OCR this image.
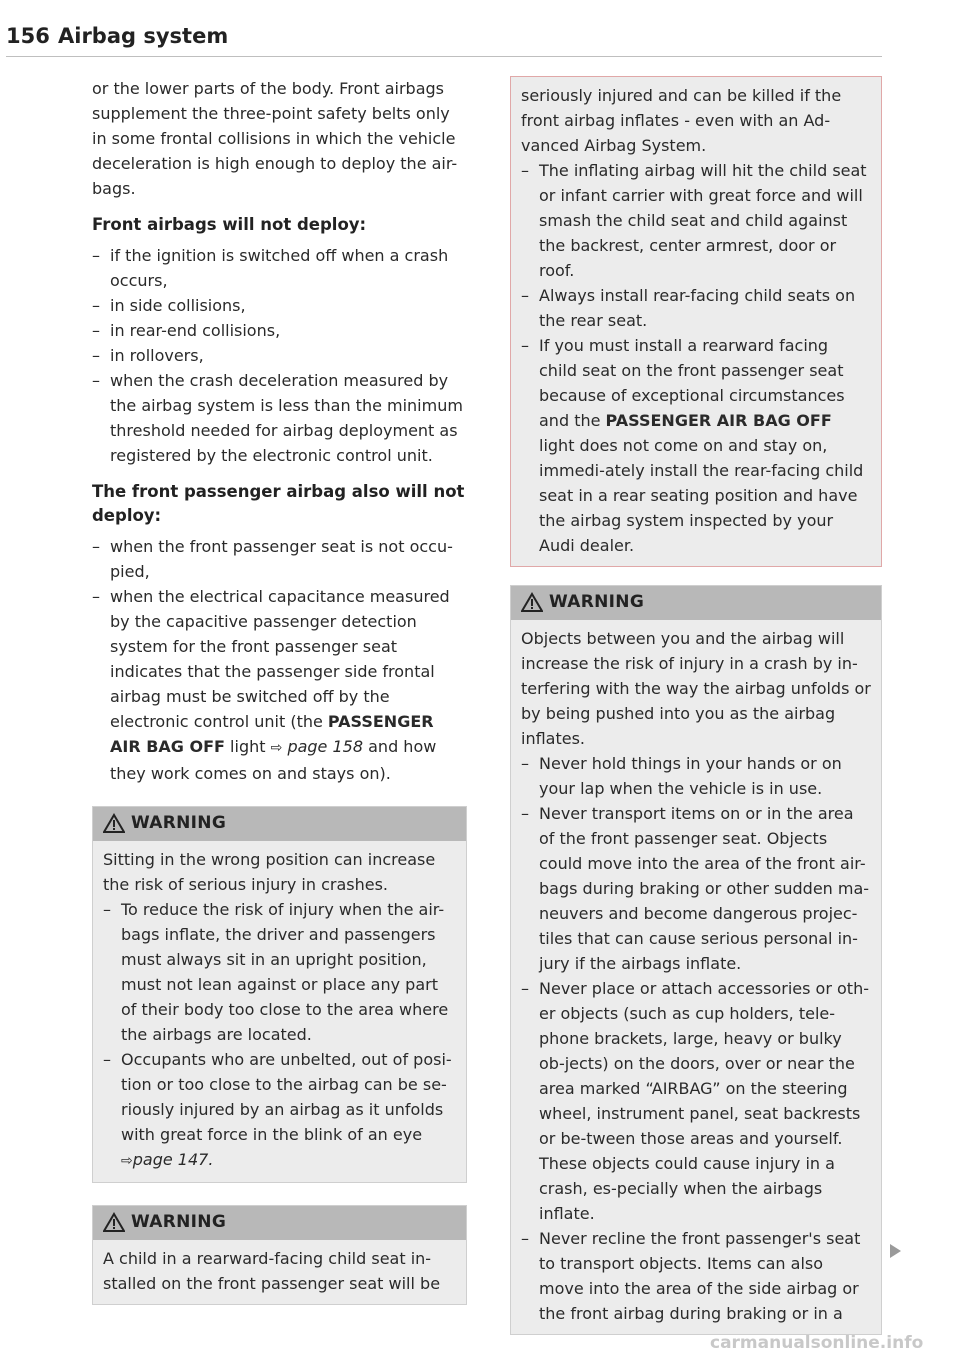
156 Airbag system

or the lower parts of the body. Front airbags supplement the three-point safety belts only in some frontal collisions in which the vehicle deceleration is high enough to deploy the air-bags.

Front airbags will not deploy:
– if the ignition is switched off when a crash occurs,
– in side collisions,
– in rear-end collisions,
– in rollovers,
– when the crash deceleration measured by the airbag system is less than the minimum threshold needed for airbag deployment as registered by the electronic control unit.
The front passenger airbag also will not deploy:
– when the front passenger seat is not occu-pied,
– when the electrical capacitance measured by the capacitive passenger detection system for the front passenger seat indicates that the passenger side frontal airbag must be switched off by the electronic control unit (the PASSENGER AIR BAG OFF light ⇨ page 158 and how they work comes on and stays on).
WARNING

Sitting in the wrong position can increase the risk of serious injury in crashes.

– To reduce the risk of injury when the air-bags inflate, the driver and passengers must always sit in an upright position, must not lean against or place any part of their body too close to the area where the airbags are located.
– Occupants who are unbelted, out of posi-tion or too close to the airbag can be se-riously injured by an airbag as it unfolds with great force in the blink of an eye ⇨page 147.
WARNING

A child in a rearward-facing child seat in-stalled on the front passenger seat will be

seriously injured and can be killed if the front airbag inflates - even with an Ad-vanced Airbag System.

– The inflating airbag will hit the child seat or infant carrier with great force and will smash the child seat and child against the backrest, center armrest, door or roof.
– Always install rear-facing child seats on the rear seat.
– If you must install a rearward facing child seat on the front passenger seat because of exceptional circumstances and the PASSENGER AIR BAG OFF light does not come on and stay on, immedi-ately install the rear-facing child seat in a rear seating position and have the airbag system inspected by your Audi dealer.
WARNING

Objects between you and the airbag will increase the risk of injury in a crash by in-terfering with the way the airbag unfolds or by being pushed into you as the airbag inflates.

– Never hold things in your hands or on your lap when the vehicle is in use.
– Never transport items on or in the area of the front passenger seat. Objects could move into the area of the front air-bags during braking or other sudden ma-neuvers and become dangerous projec-tiles that can cause serious personal in-jury if the airbags inflate.
– Never place or attach accessories or oth-er objects (such as cup holders, tele-phone brackets, large, heavy or bulky ob-jects) on the doors, over or near the area marked “AIRBAG” on the steering wheel, instrument panel, seat backrests or be-tween those areas and yourself. These objects could cause injury in a crash, es-pecially when the airbags inflate.
– Never recline the front passenger's seat to transport objects. Items can also move into the area of the side airbag or the front airbag during braking or in a
carmanualsonline.info
